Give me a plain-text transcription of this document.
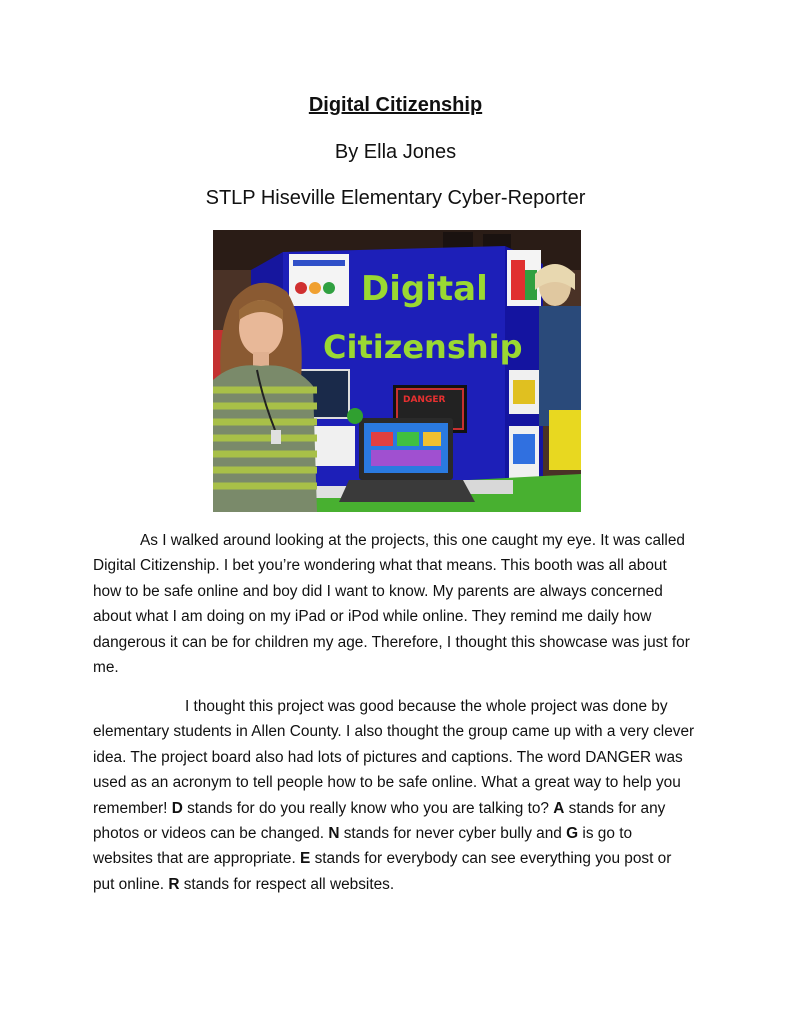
Digital Citizenship
By Ella Jones
STLP Hiseville Elementary Cyber-Reporter
Digital
Citizenship
DANGER

As I walked around looking at the projects, this one caught my eye. It was called Digital Citizenship. I bet you’re wondering what that means. This booth was all about how to be safe online and boy did I want to know. My parents are always concerned about what I am doing on my iPad or iPod while online. They remind me daily how dangerous it can be for children my age. Therefore, I thought this showcase was just for me.

I thought this project was good because the whole project was done by elementary students in Allen County. I also thought the group came up with a very clever idea. The project board also had lots of pictures and captions. The word DANGER was used as an acronym to tell people how to be safe online. What a great way to help you remember! D stands for do you really know who you are talking to? A stands for any photos or videos can be changed. N stands for never cyber bully and G is go to websites that are appropriate. E stands for everybody can see everything you post or put online. R stands for respect all websites.
